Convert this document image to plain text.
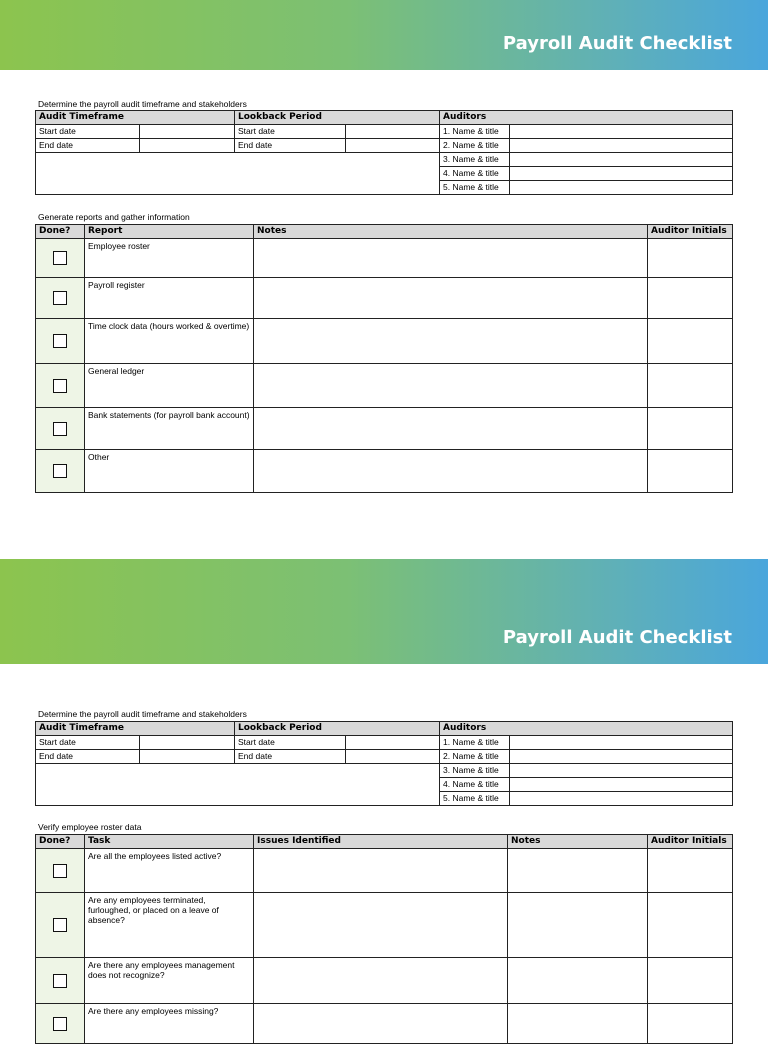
Payroll Audit Checklist
Determine the payroll audit timeframe and stakeholders
Audit Timeframe		Lookback Period		Auditors	
Start date		Start date		1. Name & title	
End date		End date		2. Name & title	
				3. Name & title	
				4. Name & title	
				5. Name & title	
Generate reports and gather information
Done?	Report	Notes	Auditor Initials
	Employee roster		
	Payroll register		
	Time clock data (hours worked & overtime)		
	General ledger		
	Bank statements (for payroll bank account)		
	Other		
Payroll Audit Checklist
Determine the payroll audit timeframe and stakeholders
Audit Timeframe		Lookback Period		Auditors	
Start date		Start date		1. Name & title	
End date		End date		2. Name & title	
				3. Name & title	
				4. Name & title	
				5. Name & title	
Verify employee roster data
Done?	Task	Issues Identified	Notes	Auditor Initials
	Are all the employees listed active?			
	Are any employees terminated, furloughed, or placed on a leave of absence?			
	Are there any employees management does not recognize?			
	Are there any employees missing?			
